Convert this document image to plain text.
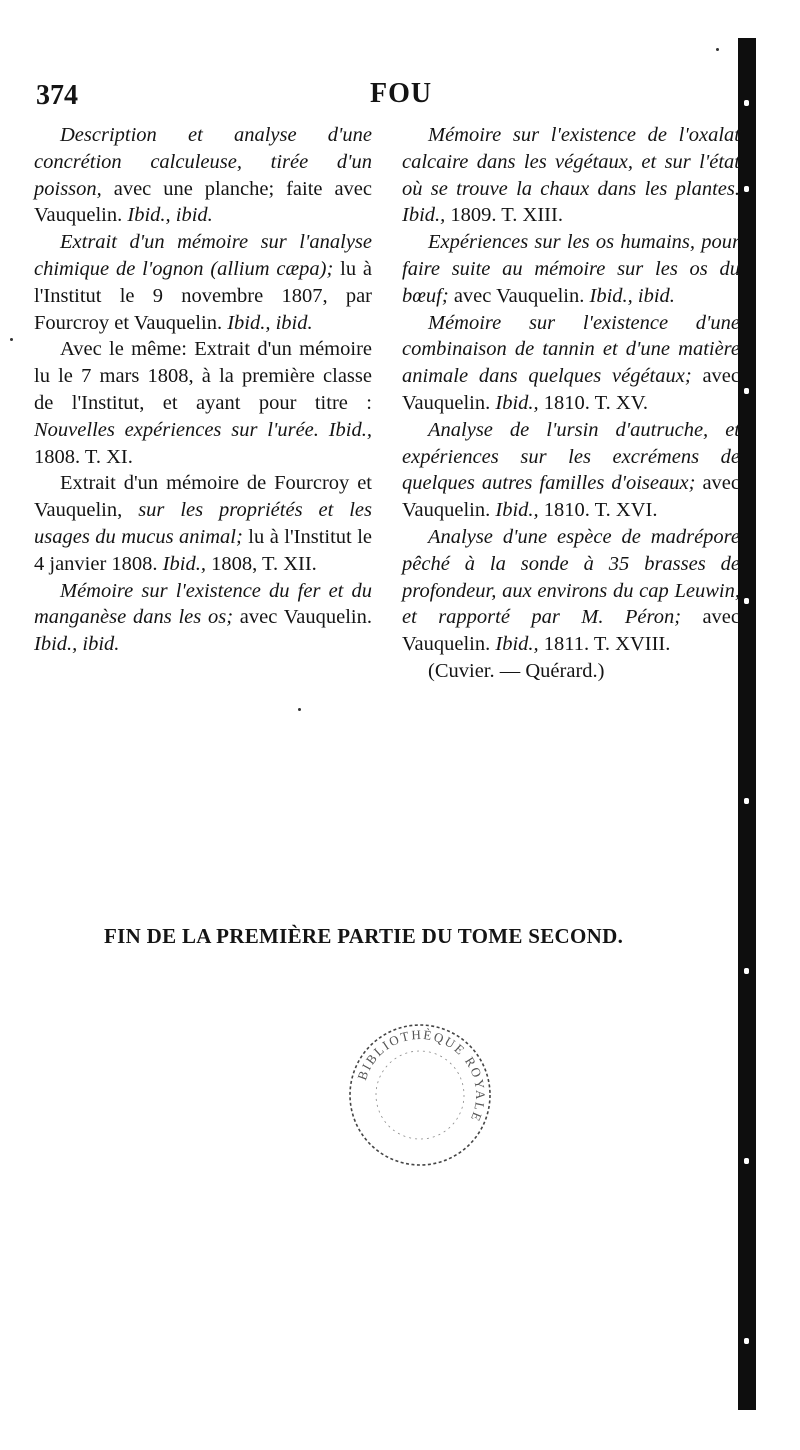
374	FOU

Description et analyse d'une concrétion calculeuse, tirée d'un poisson, avec une planche; faite avec Vauquelin. Ibid., ibid.

Extrait d'un mémoire sur l'analyse chimique de l'ognon (allium cæpa); lu à l'Institut le 9 novembre 1807, par Fourcroy et Vauquelin. Ibid., ibid.

Avec le même: Extrait d'un mémoire lu le 7 mars 1808, à la première classe de l'Institut, et ayant pour titre : Nouvelles expériences sur l'urée. Ibid., 1808. T. XI.

Extrait d'un mémoire de Fourcroy et Vauquelin, sur les propriétés et les usages du mucus animal; lu à l'Institut le 4 janvier 1808. Ibid., 1808, T. XII.

Mémoire sur l'existence du fer et du manganèse dans les os; avec Vauquelin. Ibid., ibid.

Mémoire sur l'existence de l'oxalat calcaire dans les végétaux, et sur l'état où se trouve la chaux dans les plantes. Ibid., 1809. T. XIII.

Expériences sur les os humains, pour faire suite au mémoire sur les os du bœuf; avec Vauquelin. Ibid., ibid.

Mémoire sur l'existence d'une combinaison de tannin et d'une matière animale dans quelques végétaux; avec Vauquelin. Ibid., 1810. T. XV.

Analyse de l'ursin d'autruche, et expériences sur les excrémens de quelques autres familles d'oiseaux; avec Vauquelin. Ibid., 1810. T. XVI.

Analyse d'une espèce de madrépore pêché à la sonde à 35 brasses de profondeur, aux environs du cap Leuwin, et rapporté par M. Péron; avec Vauquelin. Ibid., 1811. T. XVIII.

(Cuvier. — Quérard.)

FIN DE LA PREMIÈRE PARTIE DU TOME SECOND.
BIBLIOTHÈQUE ROYALE
